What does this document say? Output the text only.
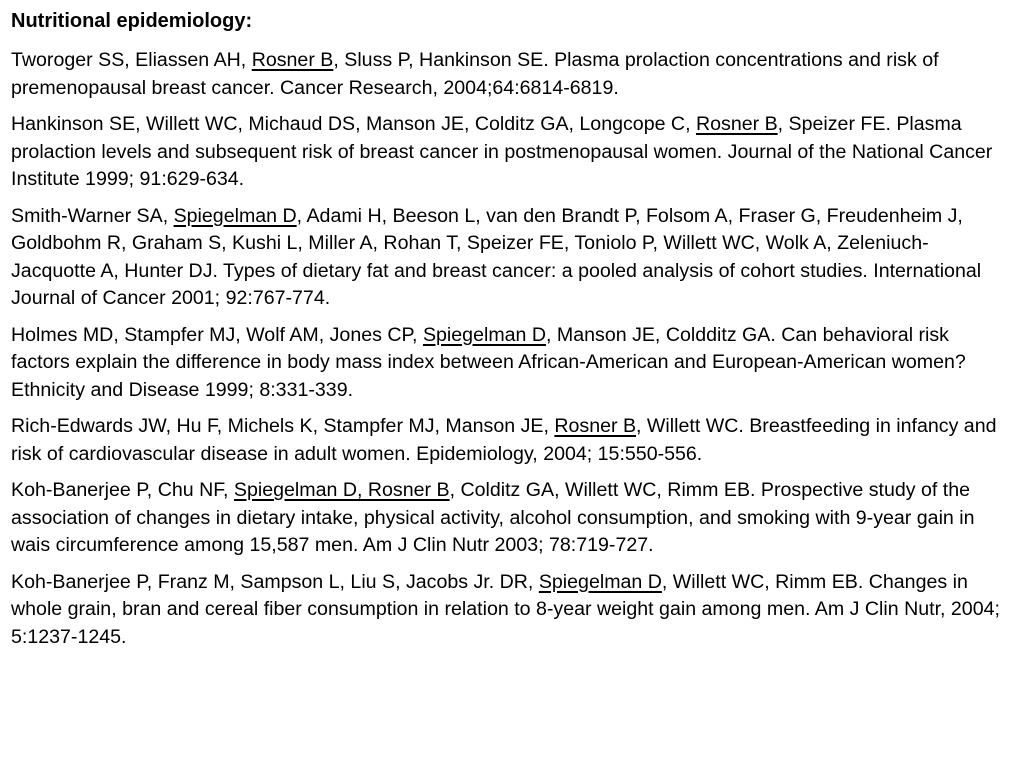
Nutritional epidemiology:
Tworoger SS, Eliassen AH, Rosner B, Sluss P, Hankinson SE. Plasma prolaction concentrations and risk of premenopausal breast cancer. Cancer Research, 2004;64:6814-6819.
Hankinson SE, Willett WC, Michaud DS, Manson JE, Colditz GA, Longcope C, Rosner B, Speizer FE. Plasma prolaction levels and subsequent risk of breast cancer in postmenopausal women. Journal of the National Cancer Institute 1999; 91:629-634.
Smith-Warner SA, Spiegelman D, Adami H, Beeson L, van den Brandt P, Folsom A, Fraser G, Freudenheim J, Goldbohm R, Graham S, Kushi L, Miller A, Rohan T, Speizer FE, Toniolo P, Willett WC, Wolk A, Zeleniuch-Jacquotte A, Hunter DJ. Types of dietary fat and breast cancer: a pooled analysis of cohort studies. International Journal of Cancer 2001; 92:767-774.
Holmes MD, Stampfer MJ, Wolf AM, Jones CP, Spiegelman D, Manson JE, Coldditz GA. Can behavioral risk factors explain the difference in body mass index between African-American and European-American women? Ethnicity and Disease 1999; 8:331-339.
Rich-Edwards JW, Hu F, Michels K, Stampfer MJ, Manson JE, Rosner B, Willett WC. Breastfeeding in infancy and risk of cardiovascular disease in adult women. Epidemiology, 2004; 15:550-556.
Koh-Banerjee P, Chu NF, Spiegelman D, Rosner B, Colditz GA, Willett WC, Rimm EB. Prospective study of the association of changes in dietary intake, physical activity, alcohol consumption, and smoking with 9-year gain in wais circumference among 15,587 men. Am J Clin Nutr 2003; 78:719-727.
Koh-Banerjee P, Franz M, Sampson L, Liu S, Jacobs Jr. DR, Spiegelman D, Willett WC, Rimm EB. Changes in whole grain, bran and cereal fiber consumption in relation to 8-year weight gain among men. Am J Clin Nutr, 2004; 5:1237-1245.
